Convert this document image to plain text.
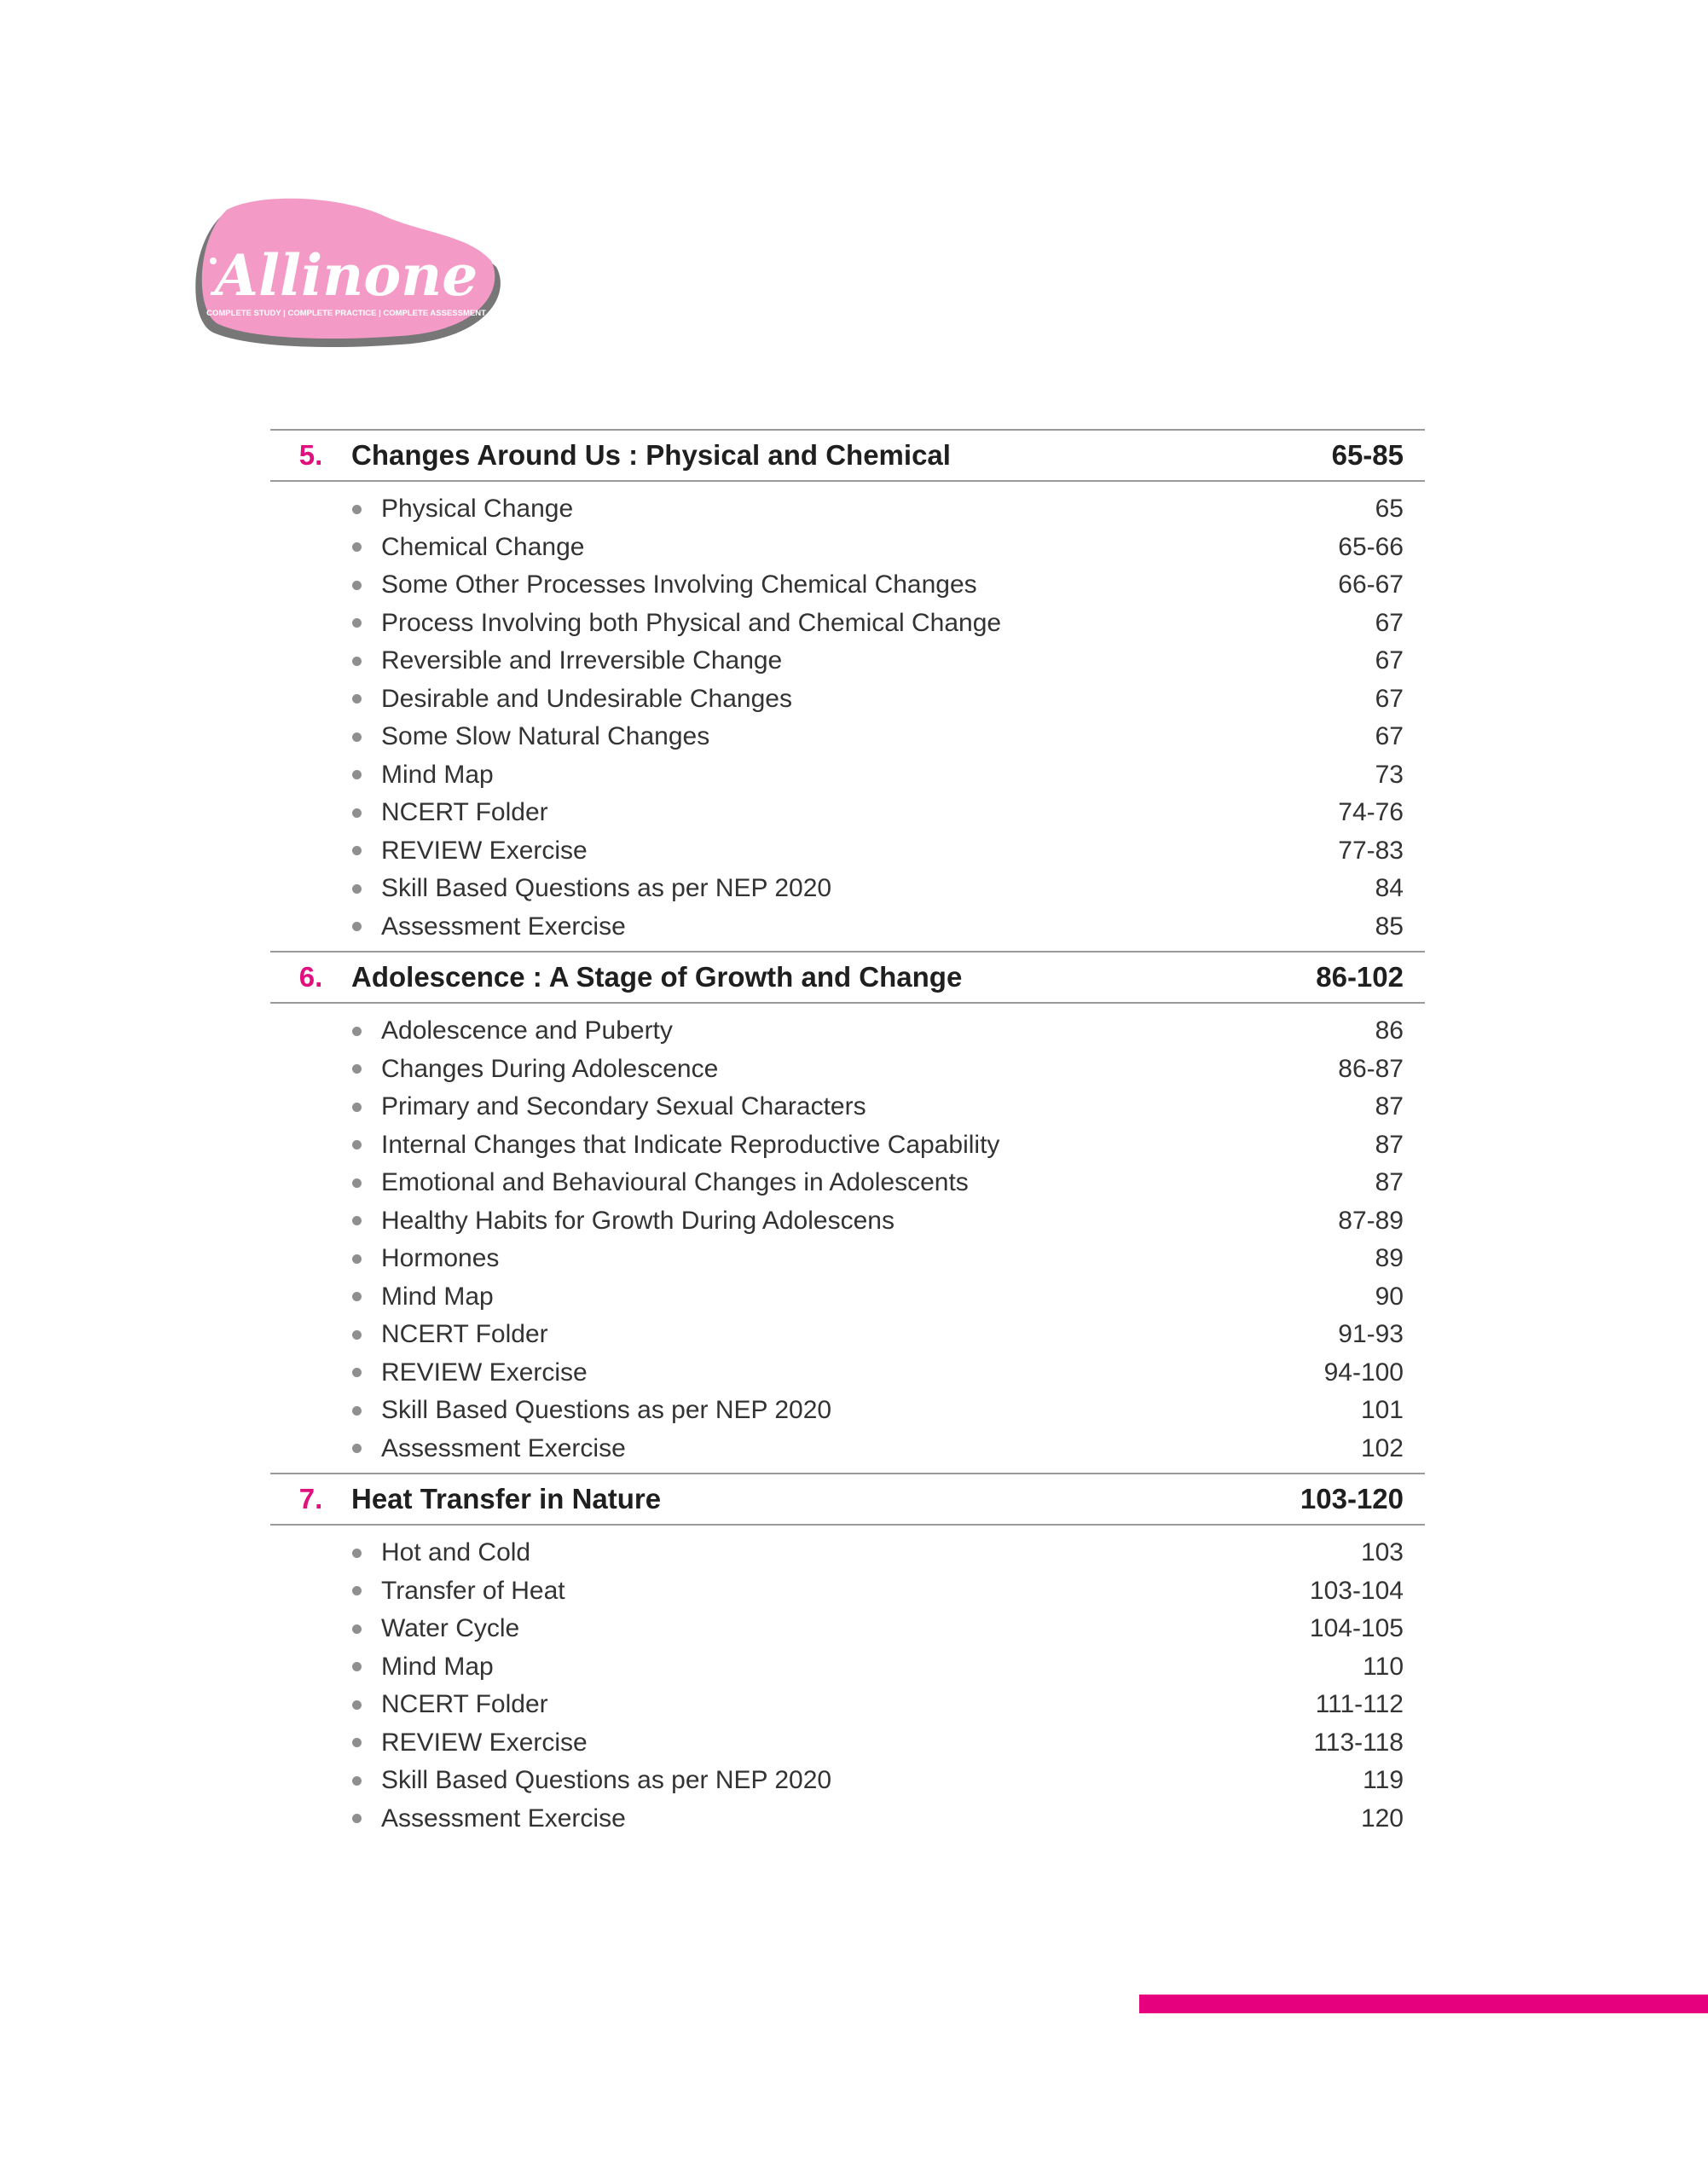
Allinone
COMPLETE STUDY | COMPLETE PRACTICE | COMPLETE ASSESSMENT
5.	Changes Around Us : Physical and Chemical	65-85
Physical Change	65
Chemical Change	65-66
Some Other Processes Involving Chemical Changes	66-67
Process Involving both Physical and Chemical Change	67
Reversible and Irreversible Change	67
Desirable and Undesirable Changes	67
Some Slow Natural Changes	67
Mind Map	73
NCERT Folder	74-76
REVIEW Exercise	77-83
Skill Based Questions as per NEP 2020	84
Assessment Exercise	85
6.	Adolescence : A Stage of Growth and Change	86-102
Adolescence and Puberty	86
Changes During Adolescence	86-87
Primary and Secondary Sexual Characters	87
Internal Changes that Indicate Reproductive Capability	87
Emotional and Behavioural Changes in Adolescents	87
Healthy Habits for Growth During Adolescens	87-89
Hormones	89
Mind Map	90
NCERT Folder	91-93
REVIEW Exercise	94-100
Skill Based Questions as per NEP 2020	101
Assessment Exercise	102
7.	Heat Transfer in Nature	103-120
Hot and Cold	103
Transfer of Heat	103-104
Water Cycle	104-105
Mind Map	110
NCERT Folder	111-112
REVIEW Exercise	113-118
Skill Based Questions as per NEP 2020	119
Assessment Exercise	120
